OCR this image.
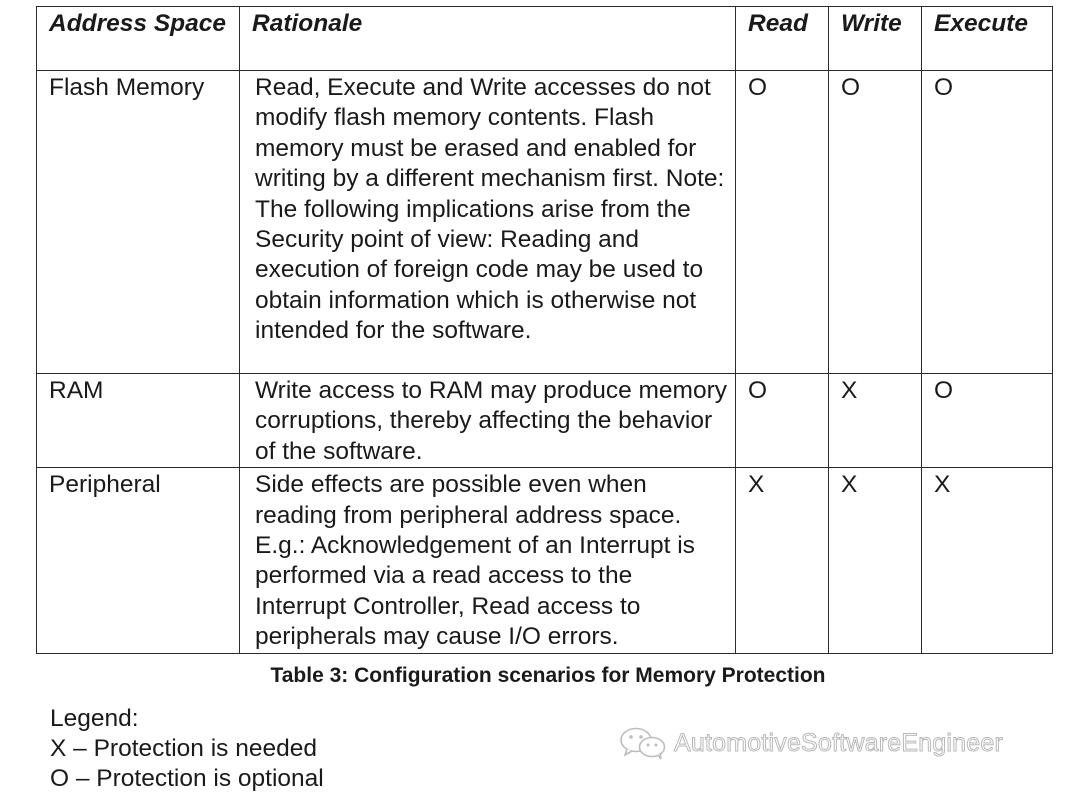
Address Space	Rationale	Read	Write	Execute
Flash Memory	Read, Execute and Write accesses do not modify flash memory contents. Flash memory must be erased and enabled for writing by a different mechanism first. Note: The following implications arise from the Security point of view: Reading and execution of foreign code may be used to obtain information which is otherwise not intended for the software.	O	O	O
RAM	Write access to RAM may produce memory corruptions, thereby affecting the behavior of the software.	O	X	O
Peripheral	Side effects are possible even when reading from peripheral address space. E.g.: Acknowledgement of an Interrupt is performed via a read access to the Interrupt Controller, Read access to peripherals may cause I/O errors.	X	X	X
Table 3: Configuration scenarios for Memory Protection
Legend:
X – Protection is needed
O – Protection is optional
AutomotiveSoftwareEngineer
